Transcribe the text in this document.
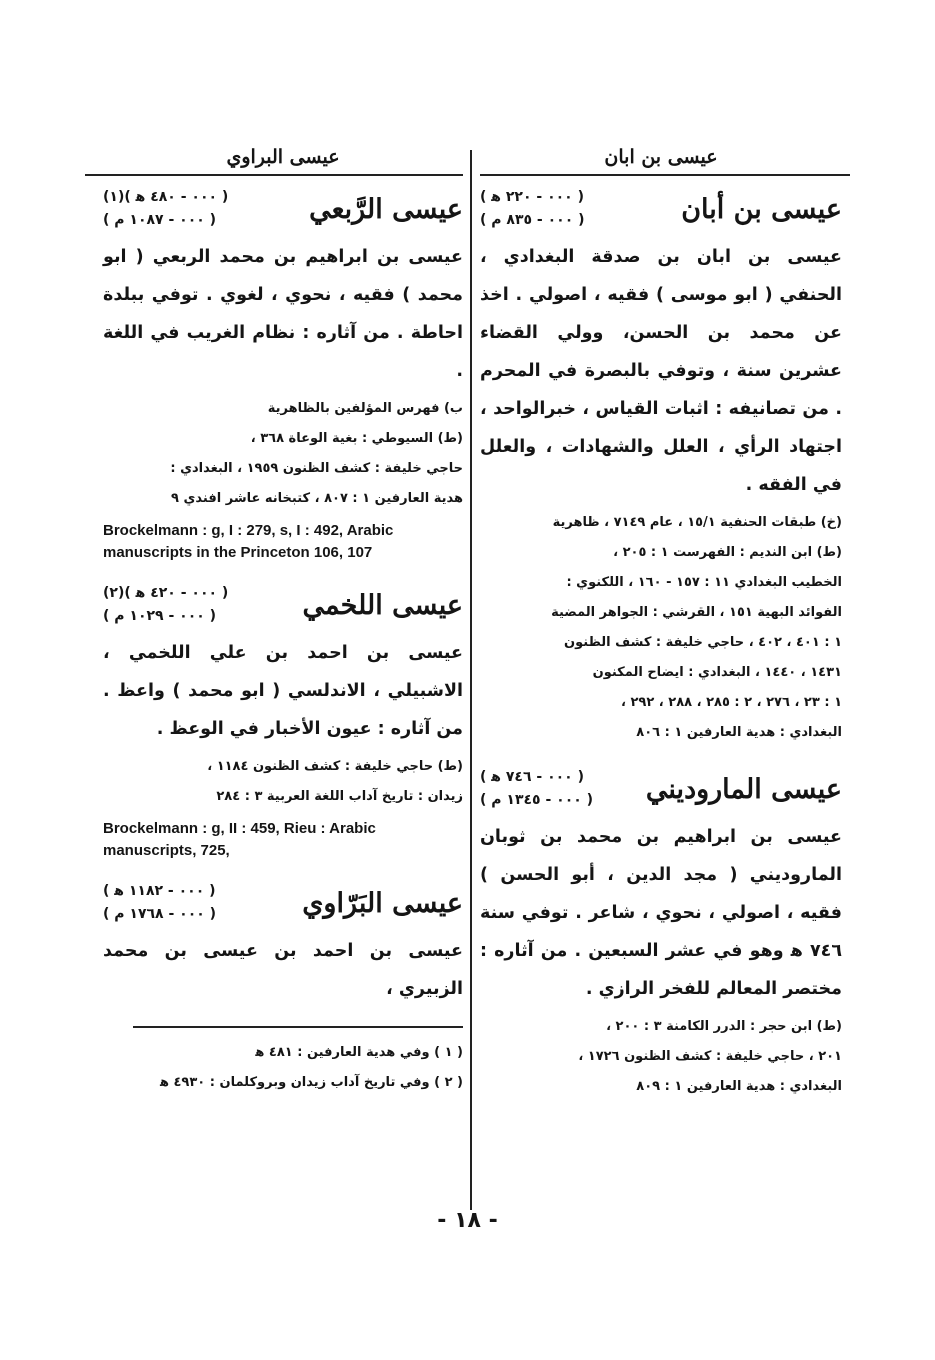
عيسى بن ابان
عيسى بن أبان
( ٠٠٠ - ٢٢٠ ﻫ )
( ٠٠٠ - ٨٣٥ م )

عيسى بن ابان بن صدقة البغدادي ، الحنفي ( ابو موسى ) فقيه ، اصولي . اخذ عن محمد بن الحسن، وولي القضاء عشرين سنة ، وتوفي بالبصرة في المحرم . من تصانيفه : اثبات القياس ، خبرالواحد ، اجتهاد الرأي ، العلل والشهادات ، والعلل في الفقه .

(خ) طبقات الحنفية ١٥/١ ، عام ٧١٤٩ ، ظاهرية
(ط) ابن النديم : الفهرست ١ : ٢٠٥ ،
الخطيب البغدادي ١١ : ١٥٧ - ١٦٠ ، اللكنوي :
الفوائد البهية ١٥١ ، القرشي : الجواهر المضية
١ : ٤٠١ ، ٤٠٢ ، حاجي خليفة : كشف الظنون
١٤٣١ ، ١٤٤٠ ، البغدادي : ايضاح المكنون
١ : ٢٣ ، ٢٧٦ ، ٢ : ٢٨٥ ، ٢٨٨ ، ٢٩٢ ،
البغدادي : هدية العارفين ١ : ٨٠٦
عيسى الماروديني
( ٠٠٠ - ٧٤٦ ﻫ )
( ٠٠٠ - ١٣٤٥ م )

عيسى بن ابراهيم بن محمد بن ثوبان الماروديني ( مجد الدين ، أبو الحسن ) فقيه ، اصولي ، نحوي ، شاعر . توفي سنة ٧٤٦ ﻫ وهو في عشر السبعين . من آثاره : مختصر المعالم للفخر الرازي .

(ط) ابن حجر : الدرر الكامنة ٣ : ٢٠٠ ،
٢٠١ ، حاجي خليفة : كشف الظنون ١٧٢٦ ،
البغدادي : هدية العارفين ١ : ٨٠٩
عيسى البراوي
عيسى الرَّبعي
( ٠٠٠ - ٤٨٠ ﻫ )(١)
( ٠٠٠ - ١٠٨٧ م )

عيسى بن ابراهيم بن محمد الربعي ( ابو محمد ) فقيه ، نحوي ، لغوي . توفي ببلدة احاطة . من آثاره : نظام الغريب في اللغة .

ب) فهرس المؤلفين بالظاهرية
(ط) السيوطي : بغية الوعاة ٣٦٨ ،
حاجي خليفة : كشف الظنون ١٩٥٩ ، البغدادي :
هدية العارفين ١ : ٨٠٧ ، كتبخانه عاشر افندي ٩

Brockelmann : g, I : 279, s, I : 492, Arabic manuscripts in the Princeton 106, 107

عيسى اللخمي
( ٠٠٠ - ٤٢٠ ﻫ )(٢)
( ٠٠٠ - ١٠٢٩ م )

عيسى بن احمد بن علي اللخمي ، الاشبيلي ، الاندلسي ( ابو محمد ) واعظ . من آثاره : عيون الأخبار في الوعظ .

(ط) حاجي خليفة : كشف الظنون ١١٨٤ ،
زيدان : تاريخ آداب اللغة العربية ٣ : ٢٨٤

Brockelmann : g, II : 459, Rieu : Arabic manuscripts, 725,

عيسى البَرّاوي
( ٠٠٠ - ١١٨٢ ﻫ )
( ٠٠٠ - ١٧٦٨ م )

عيسى بن احمد بن عيسى بن محمد الزبيري ،

( ١ ) وفي هدية العارفين : ٤٨١ ﻫ
( ٢ ) وفي تاريخ آداب زيدان وبروكلمان : ٤٩٣٠ ﻫ
- ١٨ -
